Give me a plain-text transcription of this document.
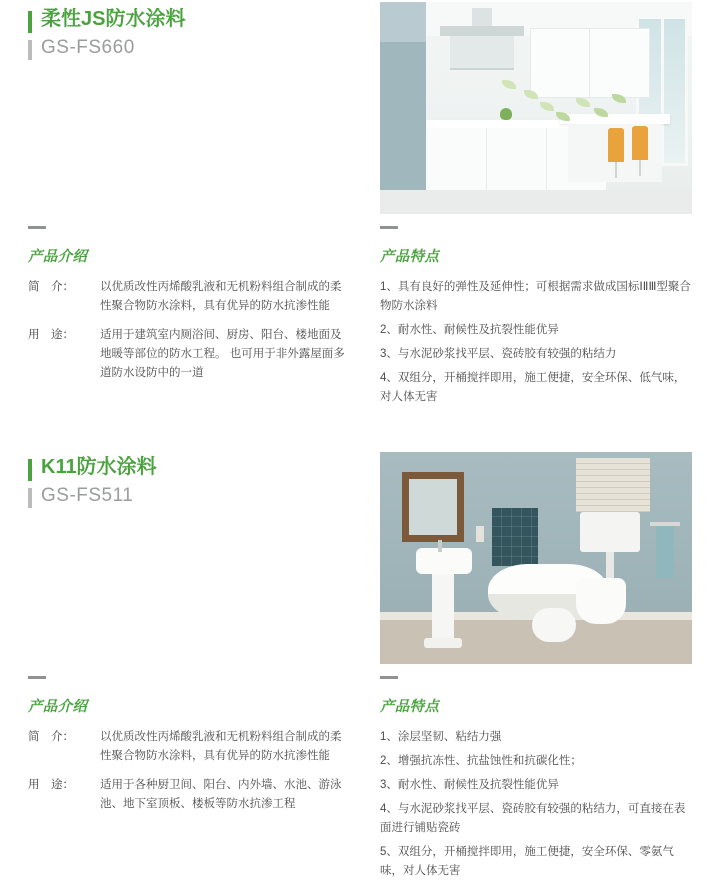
柔性JS防水涂料
GS-FS660
产品介绍
简　介：	以优质改性丙烯酸乳液和无机粉料组合制成的柔性聚合物防水涂料，具有优异的防水抗渗性能
用　途：	适用于建筑室内厕浴间、厨房、阳台、楼地面及地暖等部位的防水工程。 也可用于非外露屋面多道防水设防中的一道
产品特点
1、具有良好的弹性及延伸性；可根据需求做成国标ⅠⅡⅢ型聚合物防水涂料
2、耐水性、耐候性及抗裂性能优异
3、与水泥砂浆找平层、瓷砖胶有较强的粘结力
4、双组分，开桶搅拌即用，施工便捷，安全环保、低气味，对人体无害
K11防水涂料
GS-FS511
产品介绍
简　介：	以优质改性丙烯酸乳液和无机粉料组合制成的柔性聚合物防水涂料，具有优异的防水抗渗性能
用　途：	适用于各种厨卫间、阳台、内外墙、水池、游泳池、地下室顶板、楼板等防水抗渗工程
产品特点
1、涂层坚韧、粘结力强
2、增强抗冻性、抗盐蚀性和抗碳化性；
3、耐水性、耐候性及抗裂性能优异
4、与水泥砂浆找平层、瓷砖胶有较强的粘结力，可直接在表面进行铺贴瓷砖
5、双组分，开桶搅拌即用，施工便捷，安全环保、零氨气味，对人体无害
